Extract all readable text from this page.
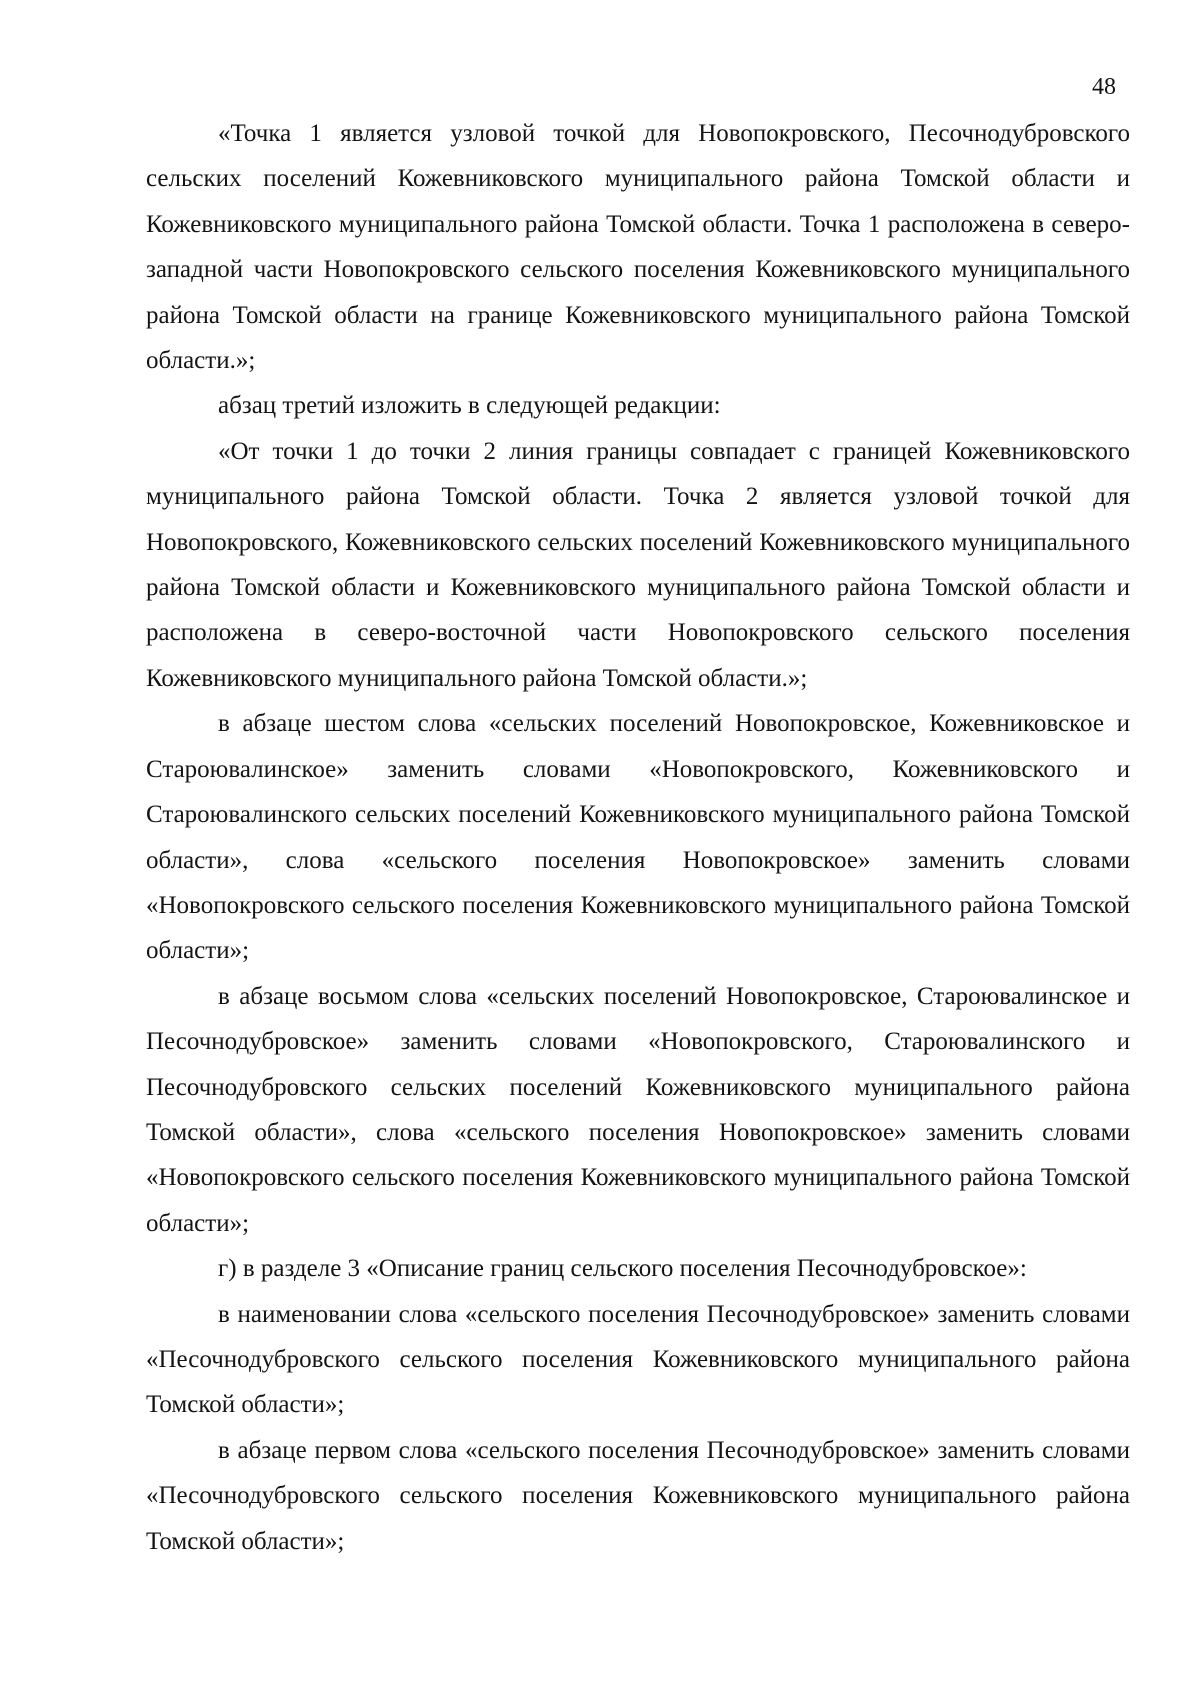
48

«Точка 1 является узловой точкой для Новопокровского, Песочнодубровского сельских поселений Кожевниковского муниципального района Томской области и Кожевниковского муниципального района Томской области. Точка 1 расположена в северо-западной части Новопокровского сельского поселения Кожевниковского муниципального района Томской области на границе Кожевниковского муниципального района Томской области.»;

абзац третий изложить в следующей редакции:

«От точки 1 до точки 2 линия границы совпадает с границей Кожевниковского муниципального района Томской области. Точка 2 является узловой точкой для Новопокровского, Кожевниковского сельских поселений Кожевниковского муниципального района Томской области и Кожевниковского муниципального района Томской области и расположена в северо-восточной части Новопокровского сельского поселения Кожевниковского муниципального района Томской области.»;

в абзаце шестом слова «сельских поселений Новопокровское, Кожевниковское и Староювалинское» заменить словами «Новопокровского, Кожевниковского и Староювалинского сельских поселений Кожевниковского муниципального района Томской области», слова «сельского поселения Новопокровское» заменить словами «Новопокровского сельского поселения Кожевниковского муниципального района Томской области»;

в абзаце восьмом слова «сельских поселений Новопокровское, Староювалинское и Песочнодубровское» заменить словами «Новопокровского, Староювалинского и Песочнодубровского сельских поселений Кожевниковского муниципального района Томской области», слова «сельского поселения Новопокровское» заменить словами «Новопокровского сельского поселения Кожевниковского муниципального района Томской области»;

г) в разделе 3 «Описание границ сельского поселения Песочнодубровское»:

в наименовании слова «сельского поселения Песочнодубровское» заменить словами «Песочнодубровского сельского поселения Кожевниковского муниципального района Томской области»;

в абзаце первом слова «сельского поселения Песочнодубровское» заменить словами «Песочнодубровского сельского поселения Кожевниковского муниципального района Томской области»;
